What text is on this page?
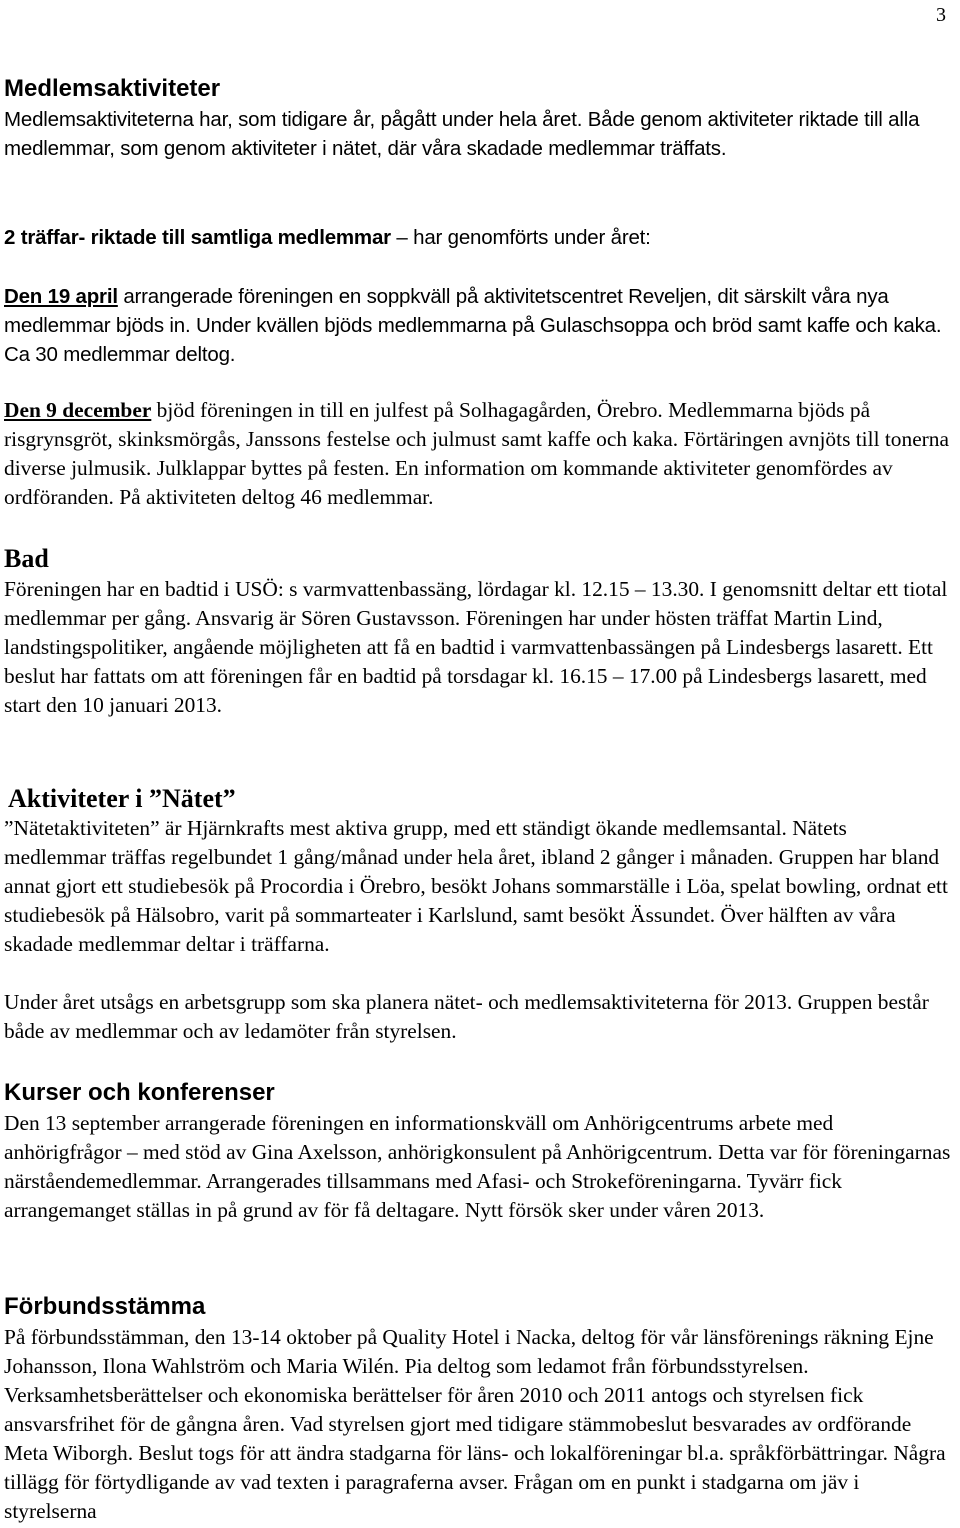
3
Medlemsaktiviteter

Medlemsaktiviteterna har, som tidigare år, pågått under hela året. Både genom aktiviteter riktade till alla medlemmar, som genom aktiviteter i nätet, där våra skadade medlemmar träffats.

2 träffar- riktade till samtliga medlemmar – har genomförts under året:

Den 19 april arrangerade föreningen en soppkväll på aktivitetscentret Reveljen, dit särskilt våra nya medlemmar bjöds in. Under kvällen bjöds medlemmarna på Gulaschsoppa och bröd samt kaffe och kaka. Ca 30 medlemmar deltog.

Den 9 december bjöd föreningen in till en julfest på Solhagagården, Örebro. Medlemmarna bjöds på risgrynsgröt, skinksmörgås, Janssons festelse och julmust samt kaffe och kaka. Förtäringen avnjöts till tonerna diverse julmusik. Julklappar byttes på festen. En information om kommande aktiviteter genomfördes av ordföranden. På aktiviteten deltog 46 medlemmar.

Bad

Föreningen har en badtid i USÖ: s varmvattenbassäng, lördagar kl. 12.15 – 13.30. I genomsnitt deltar ett tiotal medlemmar per gång. Ansvarig är Sören Gustavsson. Föreningen har under hösten träffat Martin Lind, landstingspolitiker, angående möjligheten att få en badtid i varmvattenbassängen på Lindesbergs lasarett. Ett beslut har fattats om att föreningen får en badtid på torsdagar kl. 16.15 – 17.00 på Lindesbergs lasarett, med start den 10 januari 2013.

Aktiviteter i ”Nätet”

”Nätetaktiviteten” är Hjärnkrafts mest aktiva grupp, med ett ständigt ökande medlemsantal. Nätets medlemmar träffas regelbundet 1 gång/månad under hela året, ibland 2 gånger i månaden. Gruppen har bland annat gjort ett studiebesök på Procordia i Örebro, besökt Johans sommarställe i Löa, spelat bowling, ordnat ett studiebesök på Hälsobro, varit på sommarteater i Karlslund, samt besökt Ässundet. Över hälften av våra skadade medlemmar deltar i träffarna.

Under året utsågs en arbetsgrupp som ska planera nätet- och medlemsaktiviteterna för 2013. Gruppen består både av medlemmar och av ledamöter från styrelsen.

Kurser och konferenser

Den 13 september arrangerade föreningen en informationskväll om Anhörigcentrums arbete med anhörigfrågor – med stöd av Gina Axelsson, anhörigkonsulent på Anhörigcentrum. Detta var för föreningarnas närståendemedlemmar. Arrangerades tillsammans med Afasi- och Strokeföreningarna. Tyvärr fick arrangemanget ställas in på grund av för få deltagare. Nytt försök sker under våren 2013.

Förbundsstämma

På förbundsstämman, den 13-14 oktober på Quality Hotel i Nacka, deltog för vår länsförenings räkning Ejne Johansson, Ilona Wahlström och Maria Wilén. Pia deltog som ledamot från förbundsstyrelsen. Verksamhetsberättelser och ekonomiska berättelser för åren 2010 och 2011 antogs och styrelsen fick ansvarsfrihet för de gångna åren. Vad styrelsen gjort med tidigare stämmobeslut besvarades av ordförande Meta Wiborgh. Beslut togs för att ändra stadgarna för läns- och lokalföreningar bl.a. språkförbättringar. Några tillägg för förtydligande av vad texten i paragraferna avser. Frågan om en punkt i stadgarna om jäv i styrelserna
